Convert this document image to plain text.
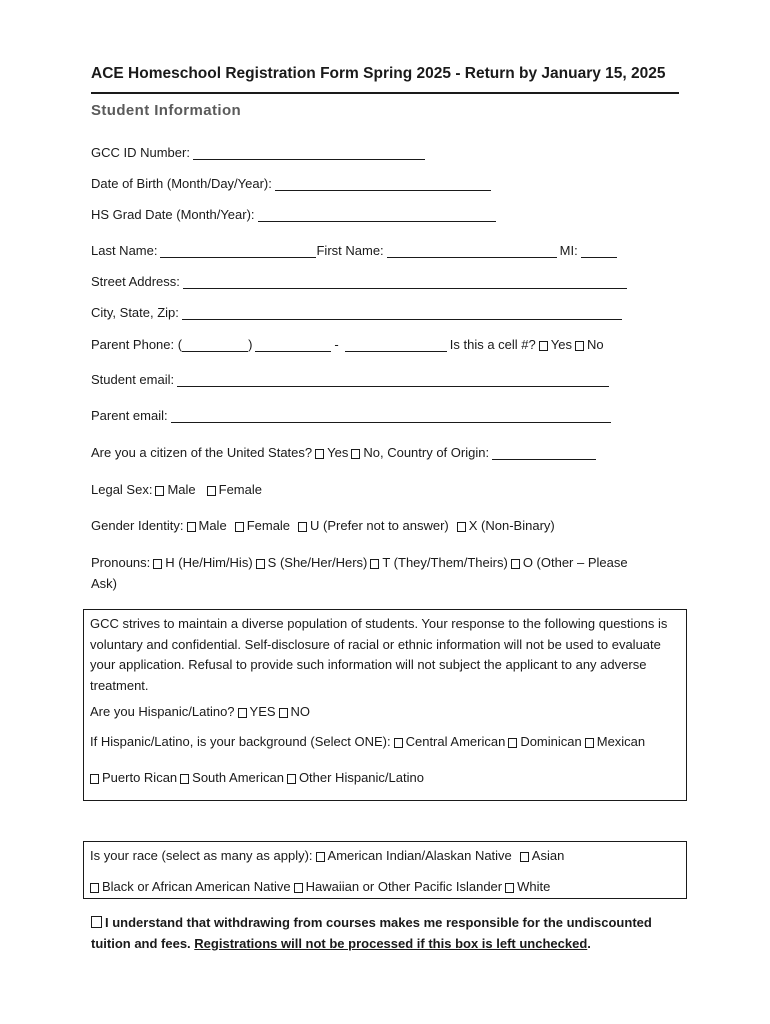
ACE Homeschool Registration Form Spring 2025 - Return by January 15, 2025
Student Information
GCC ID Number:
Date of Birth (Month/Day/Year):
HS Grad Date (Month/Year):
Last Name:	First Name:	MI:
Street Address:
City, State, Zip:
Parent Phone: (	)	-	Is this a cell #? Yes No
Student email:
Parent email:
Are you a citizen of the United States? Yes No, Country of Origin:
Legal Sex: Male Female
Gender Identity: Male Female U (Prefer not to answer) X (Non-Binary)
Pronouns: H (He/Him/His) S (She/Her/Hers) T (They/Them/Theirs) O (Other – Please
Ask)
GCC strives to maintain a diverse population of students. Your response to the following questions is voluntary and confidential. Self-disclosure of racial or ethnic information will not be used to evaluate your application. Refusal to provide such information will not subject the applicant to any adverse treatment.
Are you Hispanic/Latino? YES NO
If Hispanic/Latino, is your background (Select ONE): Central American Dominican Mexican
Puerto Rican South American Other Hispanic/Latino
Is your race (select as many as apply): American Indian/Alaskan Native Asian
Black or African American Native Hawaiian or Other Pacific Islander White
I understand that withdrawing from courses makes me responsible for the undiscounted tuition and fees. Registrations will not be processed if this box is left unchecked.
